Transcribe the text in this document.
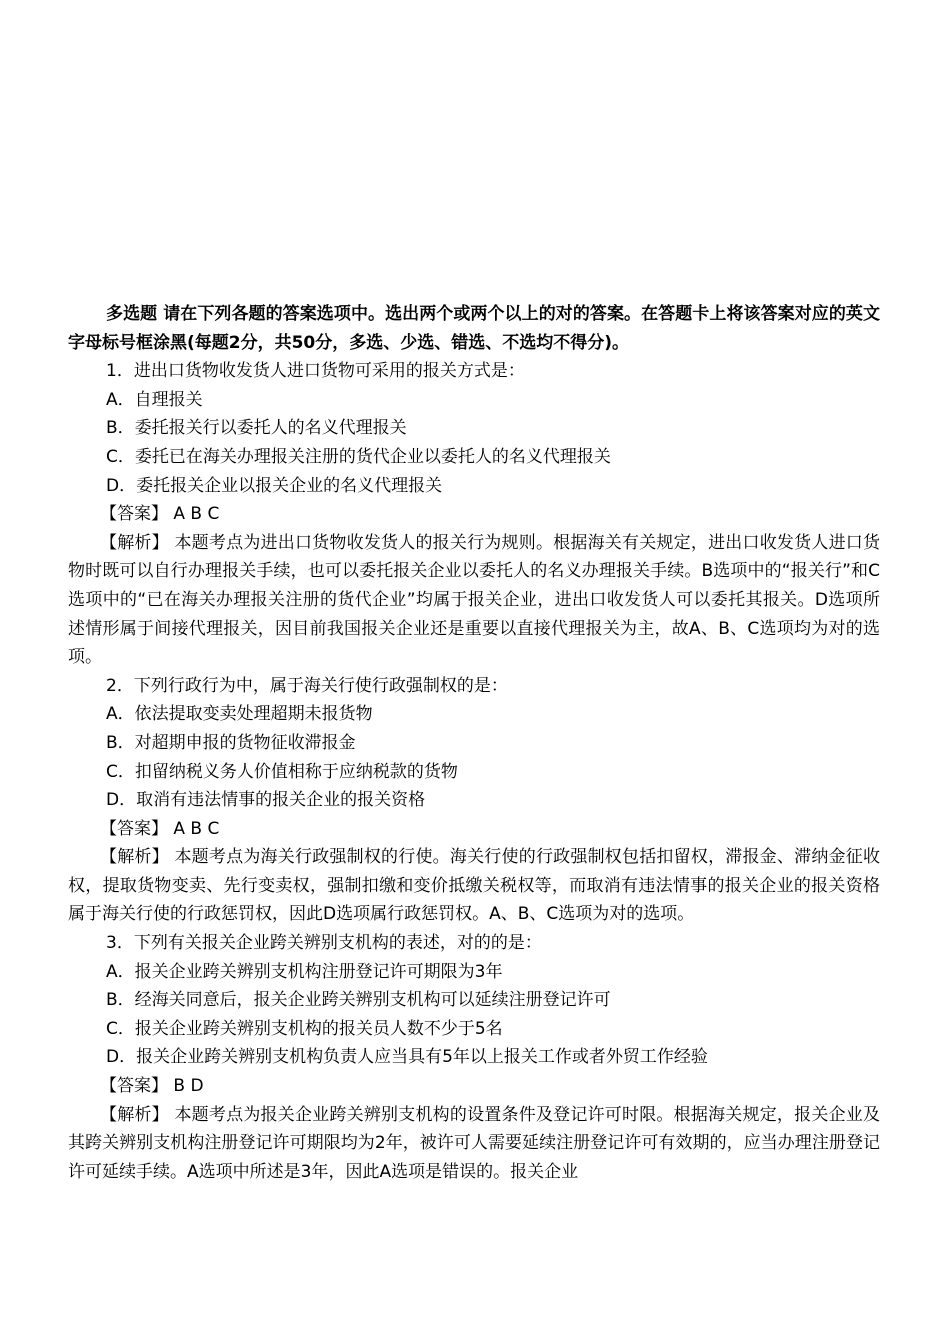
多选题 请在下列各题的答案选项中。选出两个或两个以上的对的答案。在答题卡上将该答案对应的英文字母标号框涂黑(每题2分，共50分，多选、少选、错选、不选均不得分)。

1．进出口货物收发货人进口货物可采用的报关方式是：

A．自理报关

B．委托报关行以委托人的名义代理报关

C．委托已在海关办理报关注册的货代企业以委托人的名义代理报关

D．委托报关企业以报关企业的名义代理报关

【答案】 A B C

【解析】 本题考点为进出口货物收发货人的报关行为规则。根据海关有关规定，进出口收发货人进口货物时既可以自行办理报关手续，也可以委托报关企业以委托人的名义办理报关手续。B选项中的“报关行”和C选项中的“已在海关办理报关注册的货代企业”均属于报关企业，进出口收发货人可以委托其报关。D选项所述情形属于间接代理报关，因目前我国报关企业还是重要以直接代理报关为主，故A、B、C选项均为对的选项。

2．下列行政行为中，属于海关行使行政强制权的是：

A．依法提取变卖处理超期未报货物

B．对超期申报的货物征收滞报金

C．扣留纳税义务人价值相称于应纳税款的货物

D．取消有违法情事的报关企业的报关资格

【答案】 A B C

【解析】 本题考点为海关行政强制权的行使。海关行使的行政强制权包括扣留权，滞报金、滞纳金征收权，提取货物变卖、先行变卖权，强制扣缴和变价抵缴关税权等，而取消有违法情事的报关企业的报关资格属于海关行使的行政惩罚权，因此D选项属行政惩罚权。A、B、C选项为对的选项。

3．下列有关报关企业跨关辨别支机构的表述，对的的是：

A．报关企业跨关辨别支机构注册登记许可期限为3年

B．经海关同意后，报关企业跨关辨别支机构可以延续注册登记许可

C．报关企业跨关辨别支机构的报关员人数不少于5名

D．报关企业跨关辨别支机构负责人应当具有5年以上报关工作或者外贸工作经验

【答案】 B D

【解析】 本题考点为报关企业跨关辨别支机构的设置条件及登记许可时限。根据海关规定，报关企业及其跨关辨别支机构注册登记许可期限均为2年，被许可人需要延续注册登记许可有效期的，应当办理注册登记许可延续手续。A选项中所述是3年，因此A选项是错误的。报关企业
